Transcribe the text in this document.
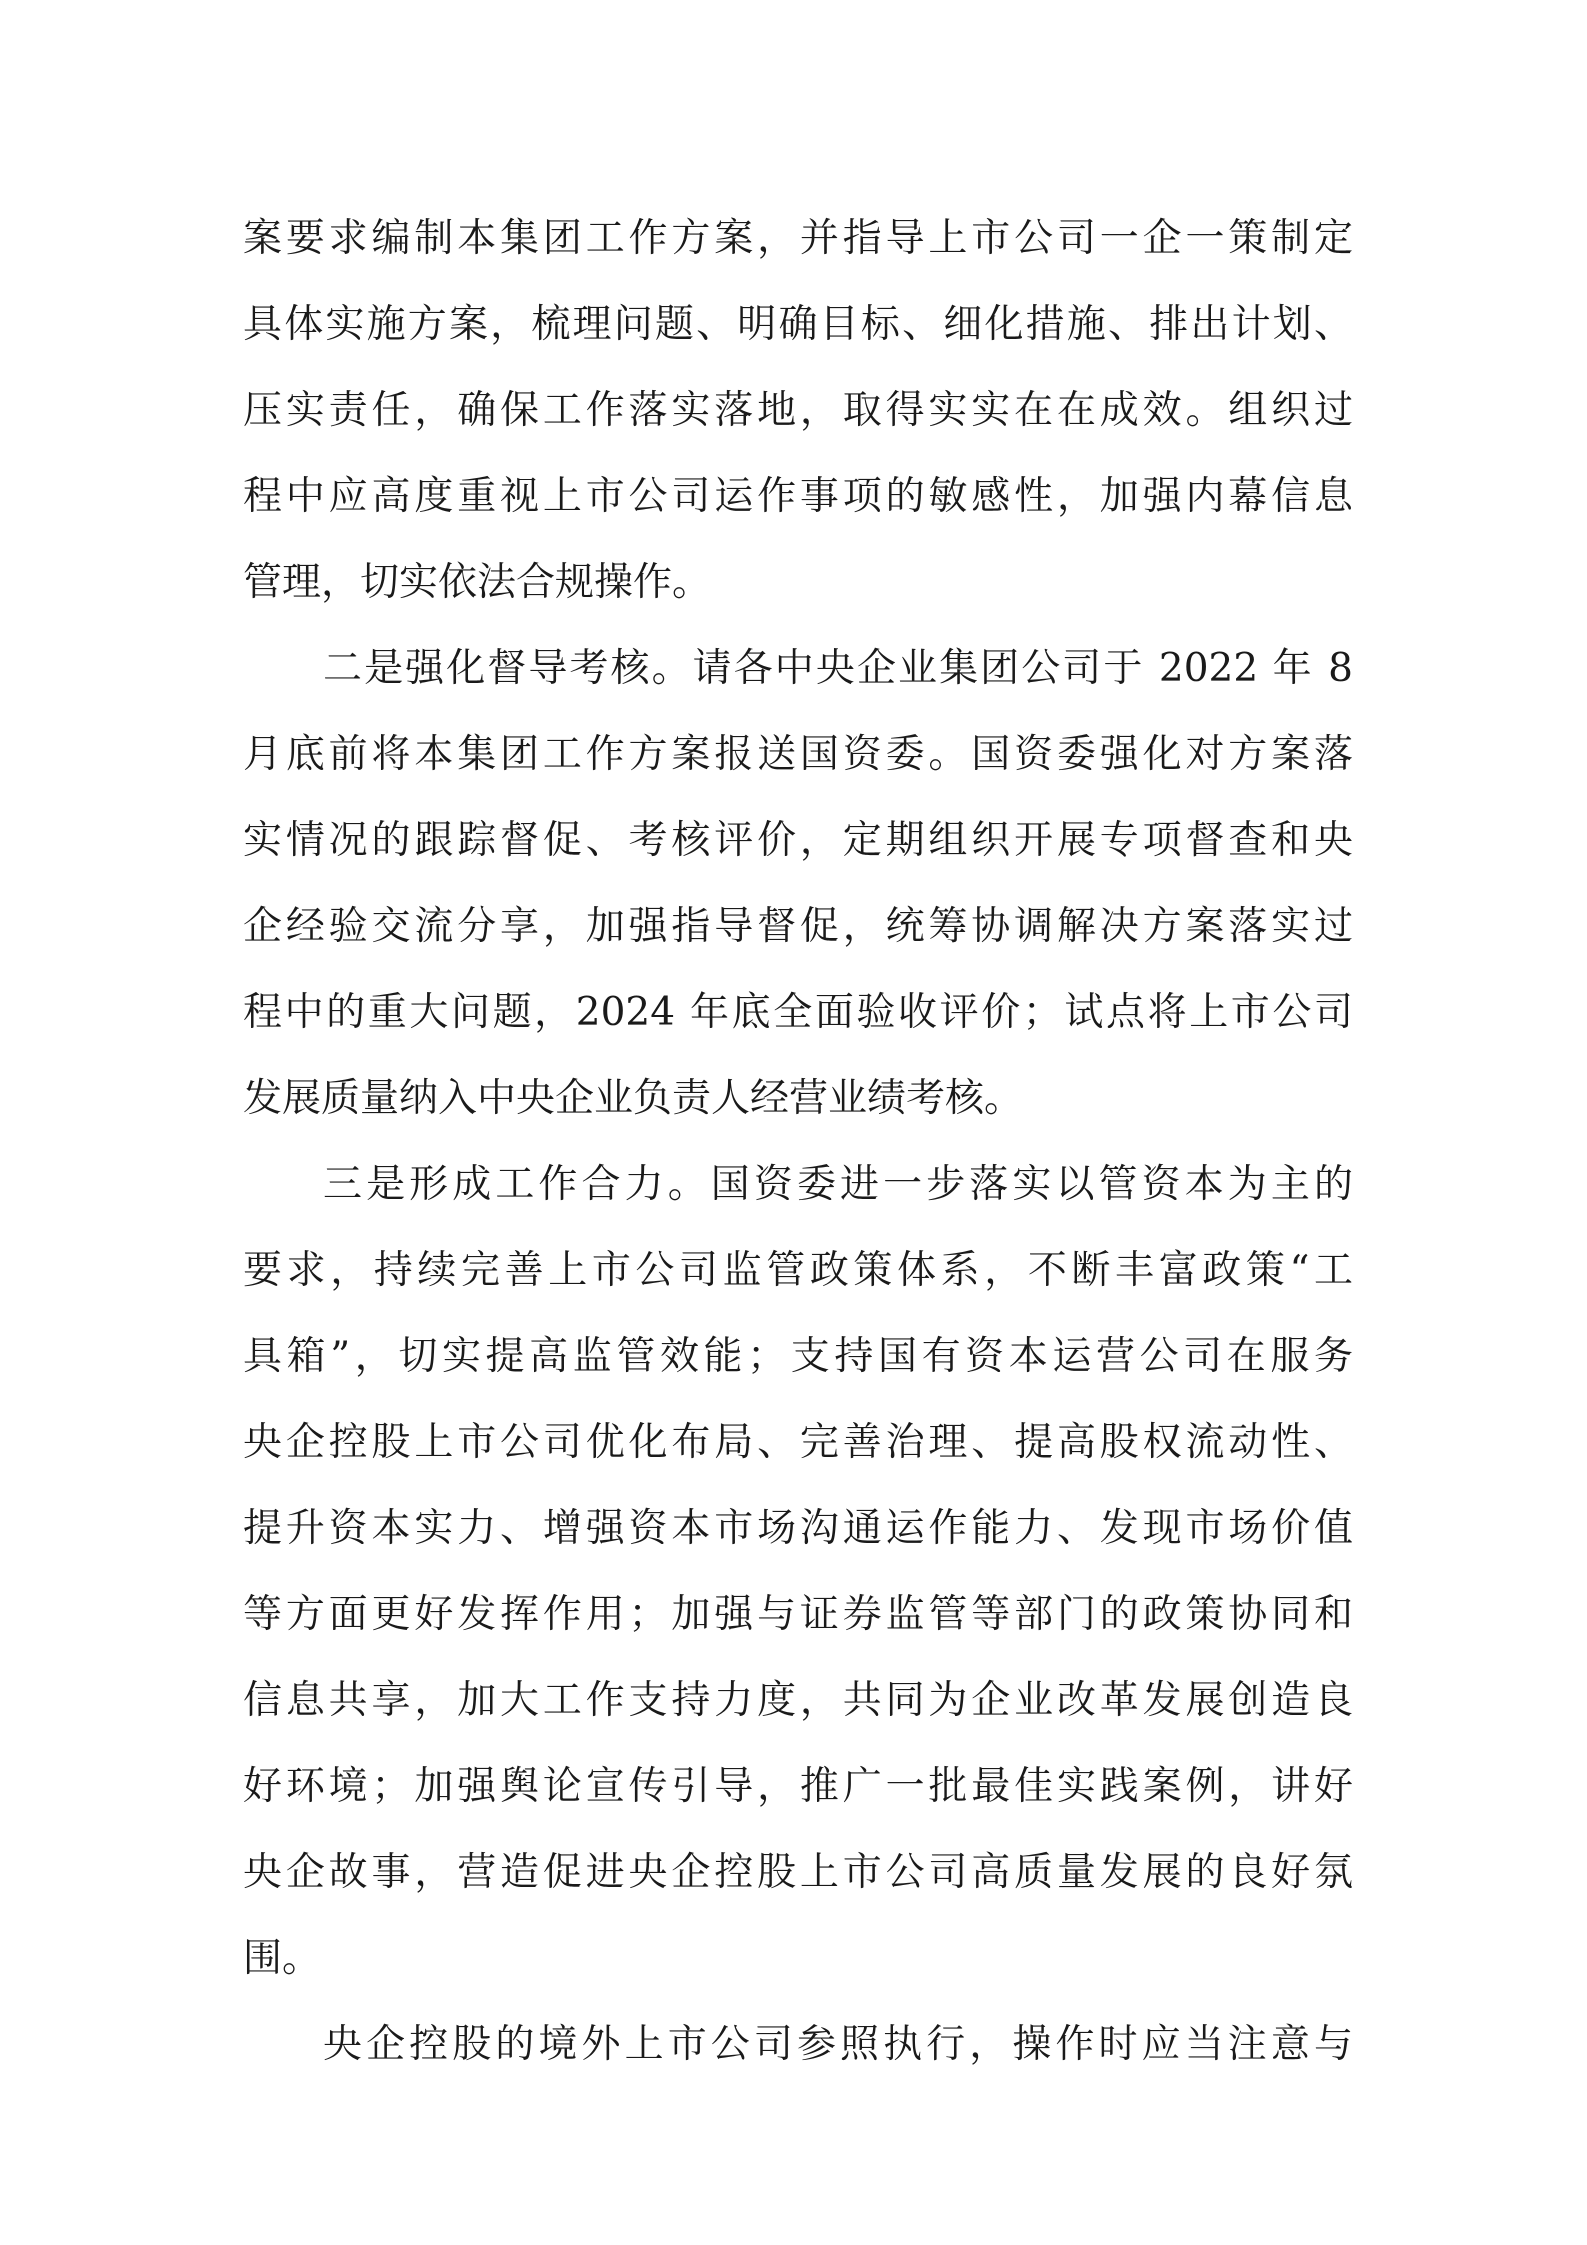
案要求编制本集团工作方案，并指导上市公司一企一策制定
具体实施方案，梳理问题、明确目标、细化措施、排出计划、
压实责任，确保工作落实落地，取得实实在在成效。组织过
程中应高度重视上市公司运作事项的敏感性，加强内幕信息
管理，切实依法合规操作。
二是强化督导考核。请各中央企业集团公司于 2022 年 8
月底前将本集团工作方案报送国资委。国资委强化对方案落
实情况的跟踪督促、考核评价，定期组织开展专项督查和央
企经验交流分享，加强指导督促，统筹协调解决方案落实过
程中的重大问题，2024 年底全面验收评价；试点将上市公司
发展质量纳入中央企业负责人经营业绩考核。
三是形成工作合力。国资委进一步落实以管资本为主的
要求，持续完善上市公司监管政策体系，不断丰富政策“工
具箱”，切实提高监管效能；支持国有资本运营公司在服务
央企控股上市公司优化布局、完善治理、提高股权流动性、
提升资本实力、增强资本市场沟通运作能力、发现市场价值
等方面更好发挥作用；加强与证券监管等部门的政策协同和
信息共享，加大工作支持力度，共同为企业改革发展创造良
好环境；加强舆论宣传引导，推广一批最佳实践案例，讲好
央企故事，营造促进央企控股上市公司高质量发展的良好氛
围。
央企控股的境外上市公司参照执行，操作时应当注意与
